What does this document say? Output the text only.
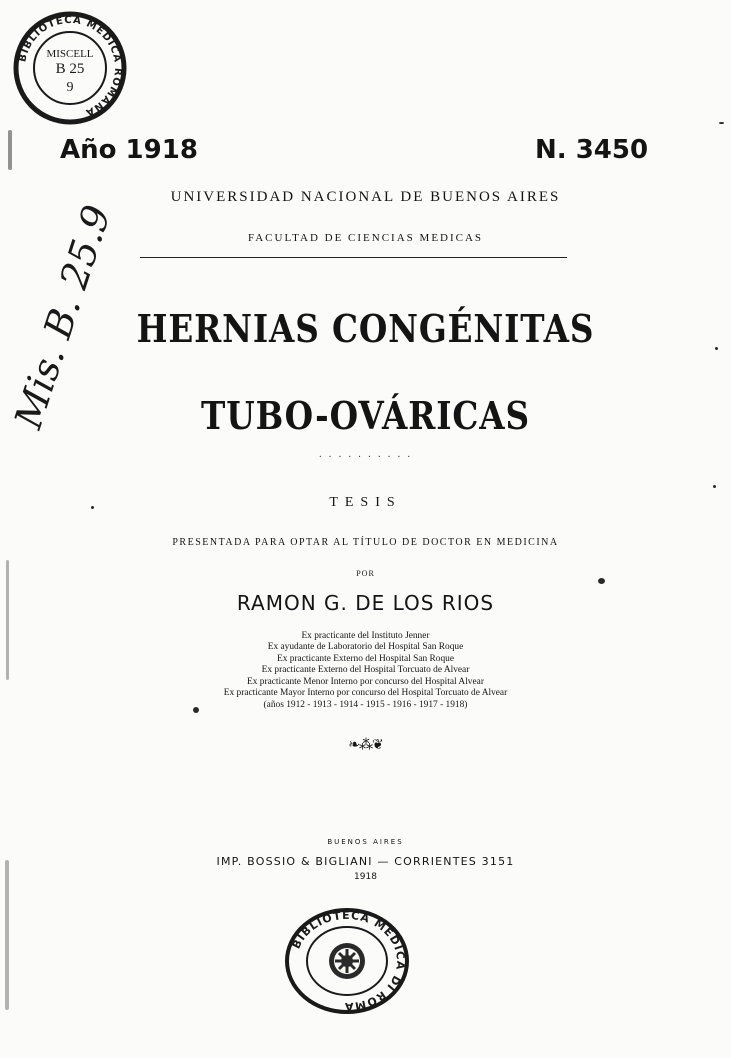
BIBLIOTECA MEDICA ROMANA
MISCELL
B 25
9
Mis. B. 25.9
Año 1918	N. 3450
UNIVERSIDAD NACIONAL DE BUENOS AIRES
FACULTAD DE CIENCIAS MEDICAS
HERNIAS CONGÉNITAS
TUBO-OVÁRICAS
· · · · · · · · · ·
TESIS
PRESENTADA PARA OPTAR AL TÍTULO DE DOCTOR EN MEDICINA
POR
RAMON G. DE LOS RIOS
Ex practicante del Instituto Jenner
Ex ayudante de Laboratorio del Hospital San Roque
Ex practicante Externo del Hospital San Roque
Ex practicante Externo del Hospital Torcuato de Alvear
Ex practicante Menor Interno por concurso del Hospital Alvear
Ex practicante Mayor Interno por concurso del Hospital Torcuato de Alvear
(años 1912 - 1913 - 1914 - 1915 - 1916 - 1917 - 1918)
❧⁂❦
BUENOS AIRES
IMP. BOSSIO & BIGLIANI — CORRIENTES 3151
1918
BIBLIOTECA MEDICA DI ROMA
